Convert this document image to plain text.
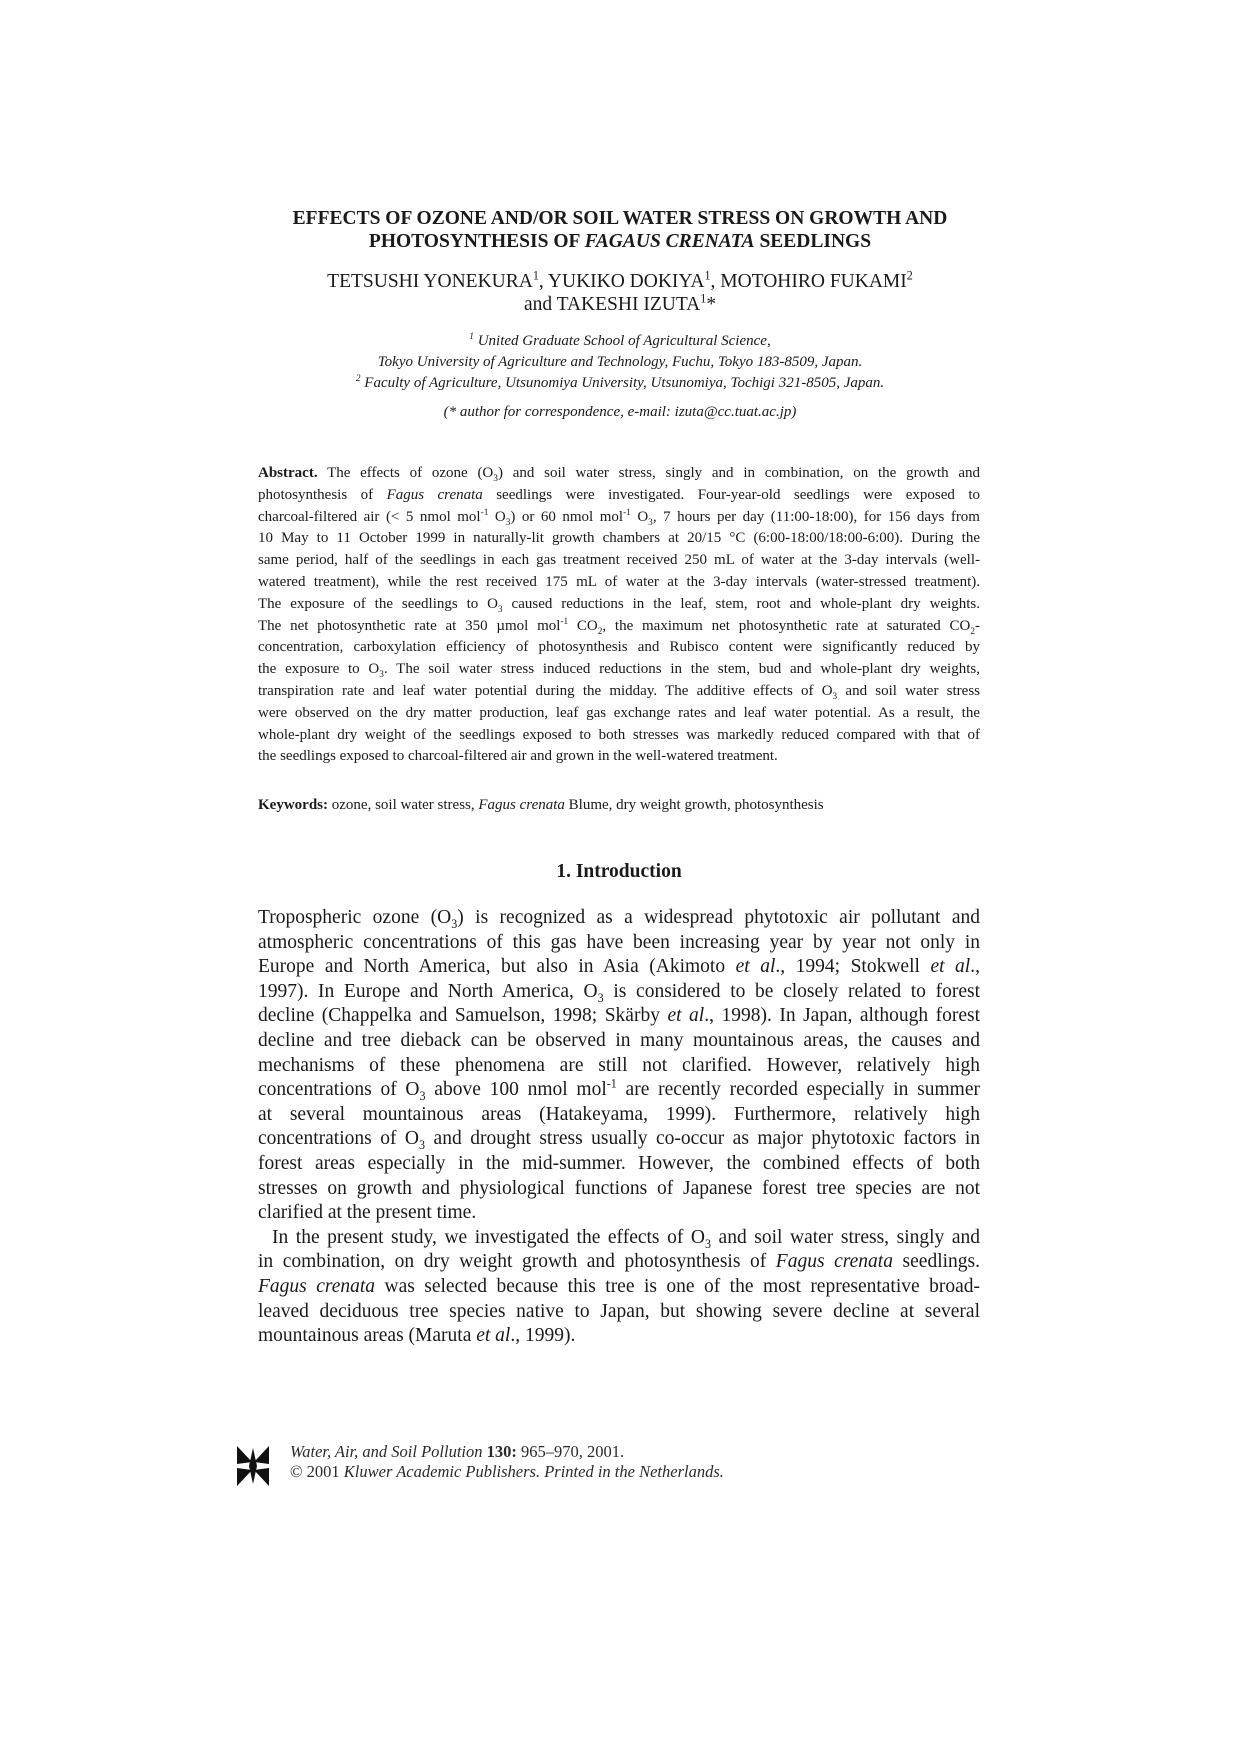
EFFECTS OF OZONE AND/OR SOIL WATER STRESS ON GROWTH AND
PHOTOSYNTHESIS OF FAGAUS CRENATA SEEDLINGS
TETSUSHI YONEKURA$^1$, YUKIKO DOKIYA$^1$, MOTOHIRO FUKAMI$^2$
and TAKESHI IZUTA$^1$*
$^1$ United Graduate School of Agricultural Science,
Tokyo University of Agriculture and Technology, Fuchu, Tokyo 183-8509, Japan.
$^2$ Faculty of Agriculture, Utsunomiya University, Utsunomiya, Tochigi 321-8505, Japan.
(* author for correspondence, e-mail: izuta@cc.tuat.ac.jp)
Abstract. The effects of ozone $(O_3)$ and soil water stress, singly and in combination, on the growth and
photosynthesis of Fagus crenata seedlings were investigated. Four-year-old seedlings were exposed to
charcoal-filtered air (< 5 nmol mol$^{-1}$ $O_3$) or 60 nmol mol$^{-1}$ $O_3$, 7 hours per day (11:00-18:00), for 156 days from
10 May to 11 October 1999 in naturally-lit growth chambers at 20/15 °C (6:00-18:00/18:00-6:00). During the
same period, half of the seedlings in each gas treatment received 250 mL of water at the 3-day intervals (well-
watered treatment), while the rest received 175 mL of water at the 3-day intervals (water-stressed treatment).
The exposure of the seedlings to $O_3$ caused reductions in the leaf, stem, root and whole-plant dry weights.
The net photosynthetic rate at 350 µmol mol$^{-1}$ $CO_2$, the maximum net photosynthetic rate at saturated $CO_2-$
concentration, carboxylation efficiency of photosynthesis and Rubisco content were significantly reduced by
the exposure to $O_3$. The soil water stress induced reductions in the stem, bud and whole-plant dry weights,
transpiration rate and leaf water potential during the midday. The additive effects of $O_3$ and soil water stress
were observed on the dry matter production, leaf gas exchange rates and leaf water potential. As a result, the
whole-plant dry weight of the seedlings exposed to both stresses was markedly reduced compared with that of
the seedlings exposed to charcoal-filtered air and grown in the well-watered treatment.
Keywords: ozone, soil water stress, Fagus crenata Blume, dry weight growth, photosynthesis
1. Introduction
Tropospheric ozone $(O_3)$ is recognized as a widespread phytotoxic air pollutant and
atmospheric concentrations of this gas have been increasing year by year not only in
Europe and North America, but also in Asia (Akimoto et al., 1994; Stokwell et al.,
1997). In Europe and North America, $O_3$ is considered to be closely related to forest
decline (Chappelka and Samuelson, 1998; Skärby et al., 1998). In Japan, although forest
decline and tree dieback can be observed in many mountainous areas, the causes and
mechanisms of these phenomena are still not clarified. However, relatively high
concentrations of $O_3$ above 100 nmol mol$^{-1}$ are recently recorded especially in summer
at several mountainous areas (Hatakeyama, 1999). Furthermore, relatively high
concentrations of $O_3$ and drought stress usually co-occur as major phytotoxic factors in
forest areas especially in the mid-summer. However, the combined effects of both
stresses on growth and physiological functions of Japanese forest tree species are not
clarified at the present time.
In the present study, we investigated the effects of $O_3$ and soil water stress, singly and
in combination, on dry weight growth and photosynthesis of Fagus crenata seedlings.
Fagus crenata was selected because this tree is one of the most representative broad-
leaved deciduous tree species native to Japan, but showing severe decline at several
mountainous areas (Maruta et al., 1999).
Water, Air, and Soil Pollution 130: 965–970, 2001.
© 2001 Kluwer Academic Publishers. Printed in the Netherlands.
